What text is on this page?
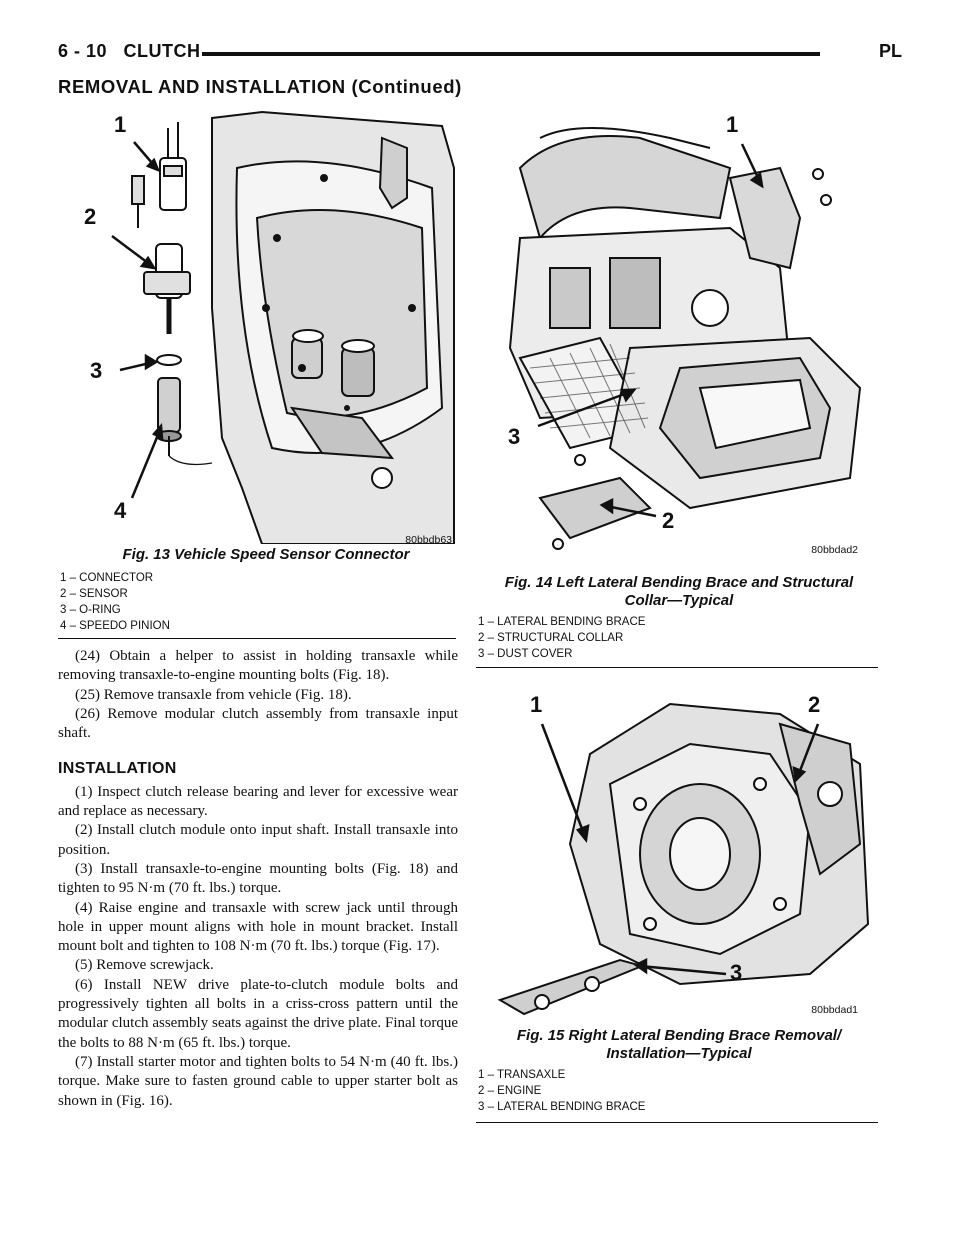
6 - 10 CLUTCH	PL
REMOVAL AND INSTALLATION (Continued)
1
2
3
4
80bbdb63
Fig. 13 Vehicle Speed Sensor Connector
1 – CONNECTOR
2 – SENSOR
3 – O-RING
4 – SPEEDO PINION
1
3
2
80bbdad2
Fig. 14 Left Lateral Bending Brace and Structural
Collar—Typical
1 – LATERAL BENDING BRACE
2 – STRUCTURAL COLLAR
3 – DUST COVER
1	2
3
80bbdad1
Fig. 15 Right Lateral Bending Brace Removal/
Installation—Typical
1 – TRANSAXLE
2 – ENGINE
3 – LATERAL BENDING BRACE

(24) Obtain a helper to assist in holding transaxle while removing transaxle-to-engine mounting bolts (Fig. 18).

(25) Remove transaxle from vehicle (Fig. 18).

(26) Remove modular clutch assembly from transaxle input shaft.

INSTALLATION

(1) Inspect clutch release bearing and lever for excessive wear and replace as necessary.

(2) Install clutch module onto input shaft. Install transaxle into position.

(3) Install transaxle-to-engine mounting bolts (Fig. 18) and tighten to 95 N·m (70 ft. lbs.) torque.

(4) Raise engine and transaxle with screw jack until through hole in upper mount aligns with hole in mount bracket. Install mount bolt and tighten to 108 N·m (70 ft. lbs.) torque (Fig. 17).

(5) Remove screwjack.

(6) Install NEW drive plate-to-clutch module bolts and progressively tighten all bolts in a criss-cross pattern until the modular clutch assembly seats against the drive plate. Final torque the bolts to 88 N·m (65 ft. lbs.) torque.

(7) Install starter motor and tighten bolts to 54 N·m (40 ft. lbs.) torque. Make sure to fasten ground cable to upper starter bolt as shown in (Fig. 16).
